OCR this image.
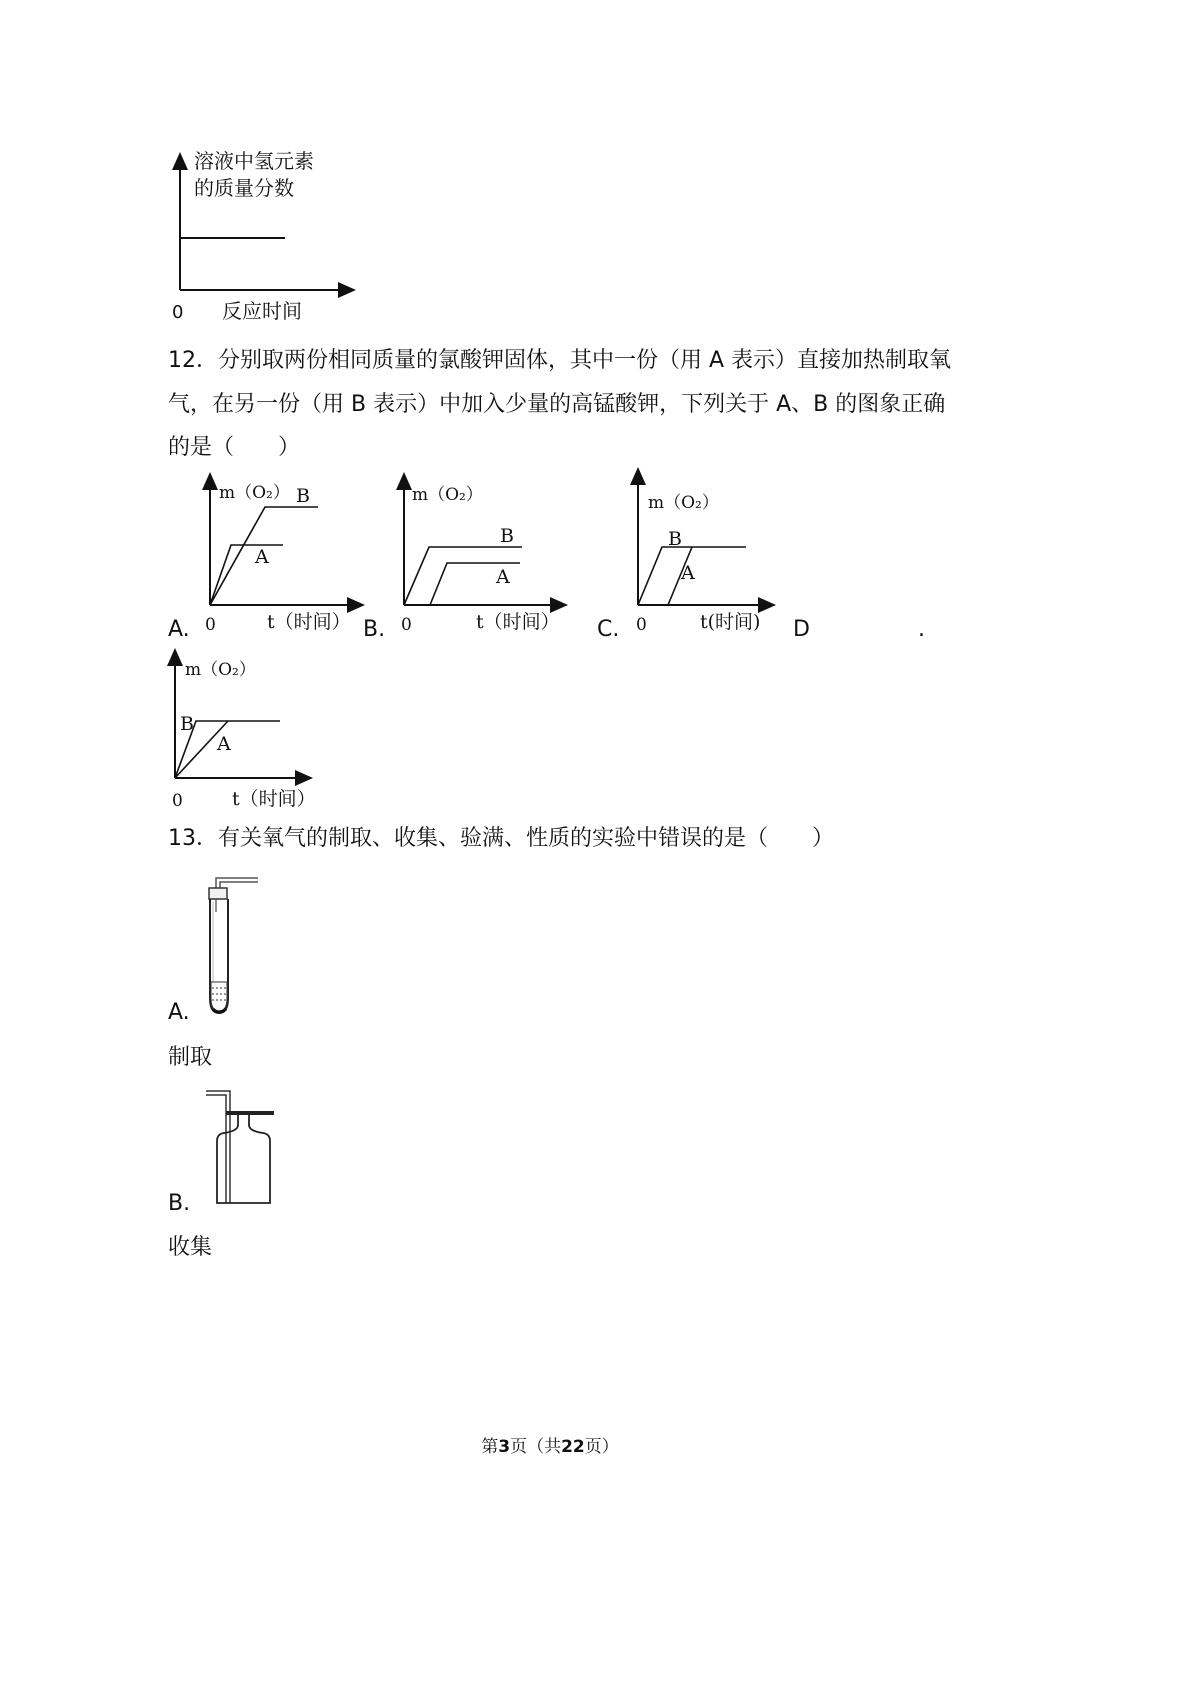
溶液中氢元素
的质量分数
0 反应时间
12．分别取两份相同质量的氯酸钾固体，其中一份（用 A 表示）直接加热制取氧
气，在另一份（用 B 表示）中加入少量的高锰酸钾，下列关于 A、B 的图象正确
的是（　　）
A.
m（O₂） B
A
0	t（时间） B.
m（O₂）
B
A
0	t（时间） C.
m（O₂）
B
A
0	t(时间) D	.
m（O₂）
B
A
0	t（时间）
13．有关氧气的制取、收集、验满、性质的实验中错误的是（　　）
A.
制取
B.
收集
第3页（共22页）
